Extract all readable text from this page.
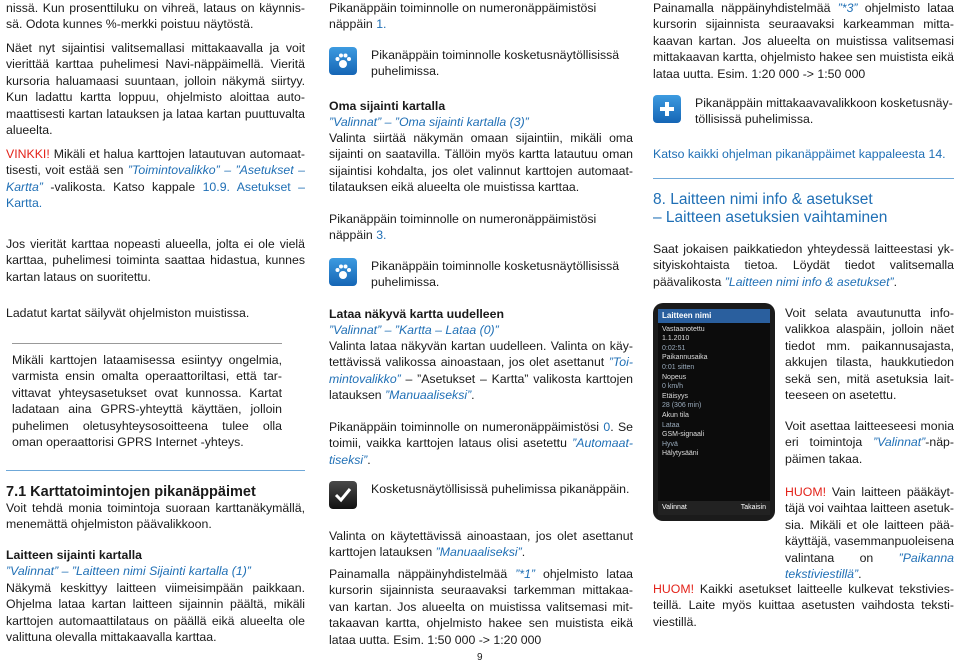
nissä. Kun prosenttiluku on vihreä, lataus on käynnissä. Odota kunnes %-merkki poistuu näytöstä.

Näet nyt sijaintisi valitsemallasi mittakaavalla ja voit vierittää karttaa puhelimesi Navi-näppäimellä. Vieritä kursoria haluamaasi suuntaan, jolloin näkymä siirtyy. Kun ladattu kartta loppuu, ohjelmisto aloittaa automaattisesti kartan latauksen ja lataa kartan puuttuvalta alueelta.

VINKKI! Mikäli et halua karttojen latautuvan automaattisesti, voit estää sen ”Toimintovalikko” – ”Asetukset – Kartta” -valikosta. Katso kappale 10.9. Asetukset – Kartta.

Jos vierität karttaa nopeasti alueella, jolta ei ole vielä karttaa, puhelimesi toiminta saattaa hidastua, kunnes kartan lataus on suoritettu.

Ladatut kartat säilyvät ohjelmiston muistissa.

Mikäli karttojen lataamisessa esiintyy ongelmia, varmista ensin omalta operaattoriltasi, että tarvittavat yhteysasetukset ovat kunnossa. Kartat ladataan aina GPRS-yhteyttä käyttäen, jolloin puhelimen oletusyhteysosoitteena tulee olla oman operaattorisi GPRS Internet -yhteys.

7.1 Karttatoimintojen pikanäppäimet

Voit tehdä monia toimintoja suoraan karttanäkymällä, menemättä ohjelmiston päävalikkoon.

Laitteen sijainti kartalla

”Valinnat” – ”Laitteen nimi Sijainti kartalla (1)”

Näkymä keskittyy laitteen viimeisimpään paikkaan. Ohjelma lataa kartan laitteen sijainnin päältä, mikäli karttojen automaattilataus on päällä eikä alueelta ole valittuna olevalla mittakaavalla karttaa.

Pikanäppäin toiminnolle on numeronäppäimistösi näppäin 1.

Pikanäppäin toiminnolle kosketusnäytöllisissä puhelimissa.

Oma sijainti kartalla

”Valinnat” – ”Oma sijainti kartalla (3)”

Valinta siirtää näkymän omaan sijaintiin, mikäli oma sijainti on saatavilla. Tällöin myös kartta latautuu oman sijaintisi kohdalta, jos olet valinnut karttojen automaattilatauksen eikä alueelta ole muistissa karttaa.

Pikanäppäin toiminnolle on numeronäppäimistösi näppäin 3.

Pikanäppäin toiminnolle kosketusnäytöllisissä puhelimissa.

Lataa näkyvä kartta uudelleen

”Valinnat” – ”Kartta – Lataa (0)”

Valinta lataa näkyvän kartan uudelleen. Valinta on käytettävissä valikossa ainoastaan, jos olet asettanut ”Toimintovalikko” – ”Asetukset – Kartta” valikosta karttojen latauksen ”Manuaaliseksi”.

Pikanäppäin toiminnolle on numeronäppäimistösi 0. Se toimii, vaikka karttojen lataus olisi asetettu ”Automaattiseksi”.

Kosketusnäytöllisissä puhelimissa pikanäppäin.

Valinta on käytettävissä ainoastaan, jos olet asettanut karttojen latauksen ”Manuaaliseksi”.

Painamalla näppäinyhdistelmää ”*1” ohjelmisto lataa kursorin sijainnista seuraavaksi tarkemman mittakaavan kartan. Jos alueelta on muistissa valitsemasi mittakaavan kartta, ohjelmisto hakee sen muistista eikä lataa uutta. Esim. 1:50 000 -> 1:20 000

9

Painamalla näppäinyhdistelmää ”*3” ohjelmisto lataa kursorin sijainnista seuraavaksi karkeamman mittakaavan kartan. Jos alueelta on muistissa valitsemasi mittakaavan kartta, ohjelmisto hakee sen muistista eikä lataa uutta. Esim. 1:20 000 -> 1:50 000

Pikanäppäin mittakaavavalikkoon kosketusnäytöllisissä puhelimissa.

Katso kaikki ohjelman pikanäppäimet kappaleesta 14.

8. Laitteen nimi info & asetukset

– Laitteen asetuksien vaihtaminen

Saat jokaisen paikkatiedon yhteydessä laitteestasi yksityiskohtaista tietoa. Löydät tiedot valitsemalla päävalikosta ”Laitteen nimi info & asetukset”.

Laitteen nimi
Vastaanotettu
1.1.2010
0:02:51
Paikannusaika
0:01 sitten
Nopeus
0 km/h
Etäisyys
28 (306 min)
Akun tila
Lataa
GSM-signaali
Hyvä
Hälytysääni
Valinnat	Takaisin

Voit selata avautunutta infovalikkoa alaspäin, jolloin näet tiedot mm. paikannusajasta, akkujen tilasta, haukkutiedon sekä sen, mitä asetuksia laitteeseen on asetettu.

Voit asettaa laitteeseesi monia eri toimintoja ”Valinnat”-näppäimen takaa.

HUOM! Vain laitteen pääkäyttäjä voi vaihtaa laitteen asetuksia. Mikäli et ole laitteen pääkäyttäjä, vasemmanpuoleisena valintana on ”Paikanna tekstiviestillä”.

HUOM! Kaikki asetukset laitteelle kulkevat tekstiviesteillä. Laite myös kuittaa asetusten vaihdosta tekstiviestillä.
